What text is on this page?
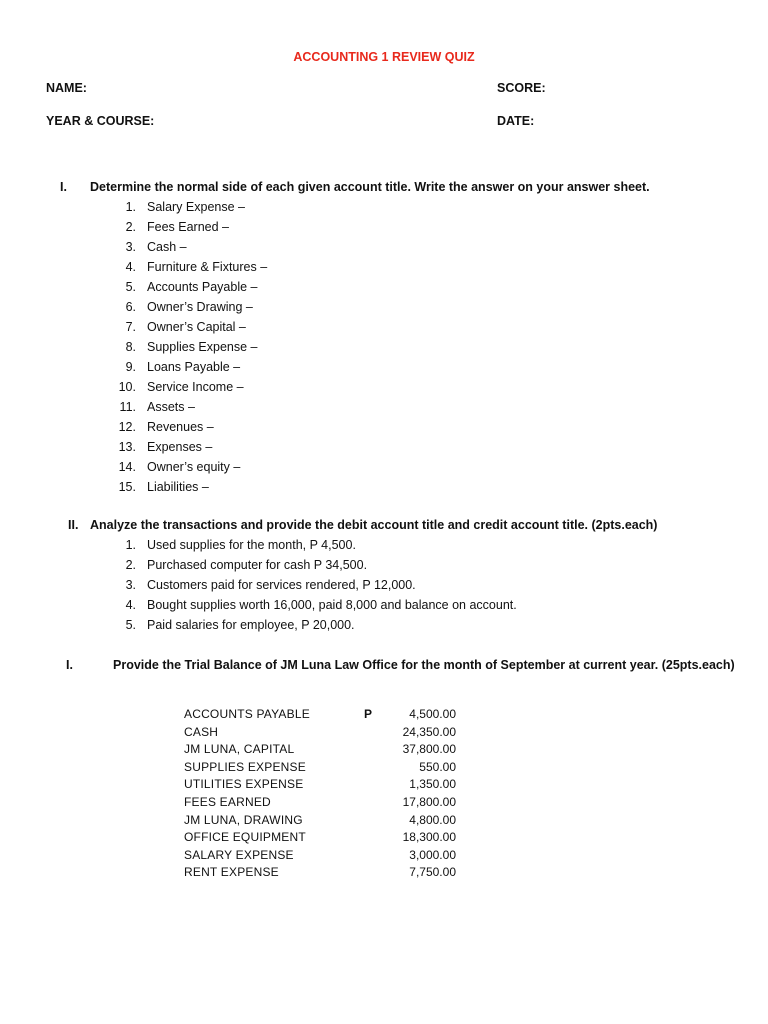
ACCOUNTING 1 REVIEW QUIZ
NAME:	SCORE:
YEAR & COURSE:	DATE:
I. Determine the normal side of each given account title. Write the answer on your answer sheet.
1. Salary Expense –
2. Fees Earned –
3. Cash –
4. Furniture & Fixtures –
5. Accounts Payable –
6. Owner’s Drawing –
7. Owner’s Capital –
8. Supplies Expense –
9. Loans Payable –
10. Service Income –
11. Assets –
12. Revenues –
13. Expenses –
14. Owner’s equity –
15. Liabilities –
II. Analyze the transactions and provide the debit account title and credit account title. (2pts.each)
1. Used supplies for the month, P 4,500.
2. Purchased computer for cash P 34,500.
3. Customers paid for services rendered, P 12,000.
4. Bought supplies worth 16,000, paid 8,000 and balance on account.
5. Paid salaries for employee, P 20,000.
I.	Provide the Trial Balance of JM Luna Law Office for the month of September at current year. (25pts.each)
ACCOUNTS PAYABLE	P	4,500.00
CASH	24,350.00
JM LUNA, CAPITAL	37,800.00
SUPPLIES EXPENSE	550.00
UTILITIES EXPENSE	1,350.00
FEES EARNED	17,800.00
JM LUNA, DRAWING	4,800.00
OFFICE EQUIPMENT	18,300.00
SALARY EXPENSE	3,000.00
RENT EXPENSE	7,750.00
